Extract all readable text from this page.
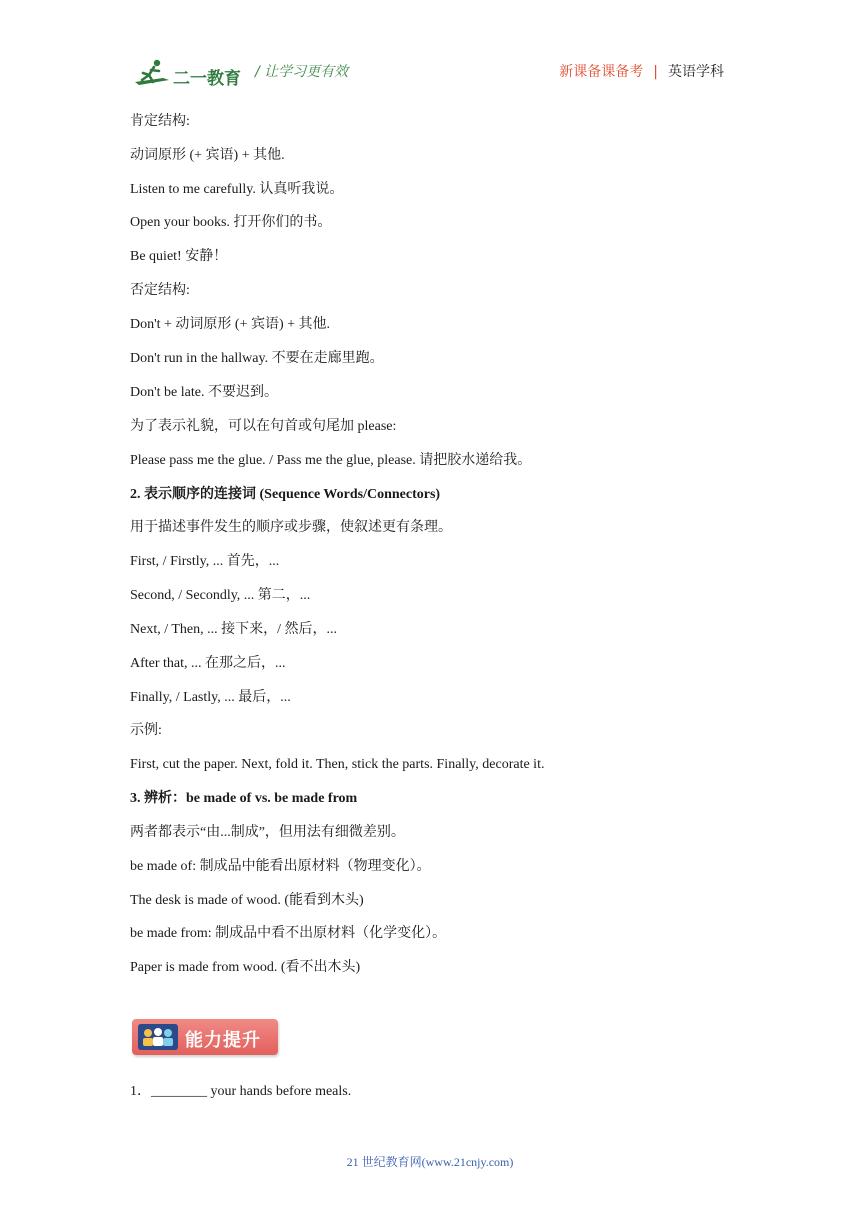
二一教育 / 让学习更有效	新课备课备考 | 英语学科
肯定结构:
动词原形 (+ 宾语) + 其他.
Listen to me carefully. 认真听我说。
Open your books. 打开你们的书。
Be quiet! 安静！
否定结构:
Don't + 动词原形 (+ 宾语) + 其他.
Don't run in the hallway. 不要在走廊里跑。
Don't be late. 不要迟到。
为了表示礼貌，可以在句首或句尾加 please:
Please pass me the glue. / Pass me the glue, please. 请把胶水递给我。
2. 表示顺序的连接词 (Sequence Words/Connectors)
用于描述事件发生的顺序或步骤，使叙述更有条理。
First, / Firstly, ... 首先，...
Second, / Secondly, ... 第二，...
Next, / Then, ... 接下来，/ 然后，...
After that, ... 在那之后，...
Finally, / Lastly, ... 最后，...
示例:
First, cut the paper. Next, fold it. Then, stick the parts. Finally, decorate it.
3. 辨析：be made of vs. be made from
两者都表示“由...制成”，但用法有细微差别。
be made of: 制成品中能看出原材料（物理变化）。
The desk is made of wood. (能看到木头)
be made from: 制成品中看不出原材料（化学变化）。
Paper is made from wood. (看不出木头)
1．________ your hands before meals.
能力提升
21 世纪教育网(www.21cnjy.com)
